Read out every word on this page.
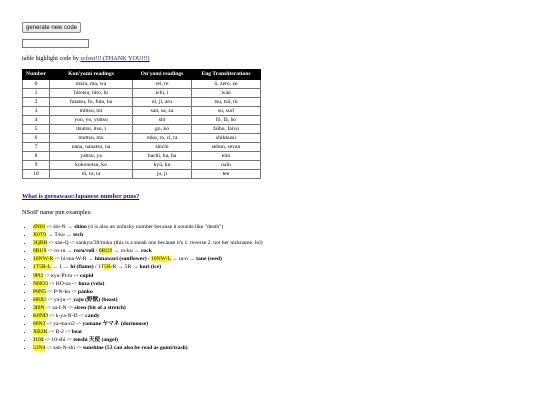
generate new code
table highlight code by ccfost!!! (THANK YOU!!!)
Number	Kun'yomi readings	On'yomi readings	Eng Transliterations
0	maru, ma, wa	rei, re	ō, zero, ze
1	hitotsu, hito, hi	ichi, i	wan
2	futatsu, fu, futa, ha	ni, ji, aru	tsu, tsū, tū
3	mittsu, mi	san, sa, za	su, surī
4	yon, yo, yottsu	shi	fō, fā, ho
5	itsutsu, itsu, i	go, ko	faību, faivu
6	muttsu, mu	roku, ro, ri, ra	shikkusu
7	nana, nanatsu, na	shichi	sebun, sevan
8	yattsu, ya	hachi, ha, ba	eito
9	kokonotsu, ko	kyū, ku	nain
10	tō, to, ta	ju, ji	ten
What is goroawase/Japanese number puns?
NSotF name pun examples:
• 4N01 -> shi-N → shino (4 is also an unlucky number because it sounds like "death")
• X0T9 → T-ku → tech
• 3QBB -> san-Q -> sankyu/39/miku (this is a sneak one because it's 1. reverse 2. not her nickname. lol)
• 6RU9 -> ro-ru → roru/roll / 6RU9 → ro-ku → rock
• 10NW-R -> hi-ma-W-R → himawari (sunflower) / 10NW-L → ta-n → tane (seed)
• 1T5R-L → 1 → hi (flame) / 1T5R-R → 5R → kori (ice)
• 9Pl2 -> kyu-Pl-tu -> cupid
• NHO3 -> HO-za -> hoza (vela)
• P8N5 -> P-N-ko -> panko
• H8JU -> ya-ju -> yaju (野獣) (beast)
• 3I0N -> sa-I-N -> siren (bit of a stretch)
• K8ND -> k-ya-N-D -> candy
• 80N3 -> ya-ma-n3 -> yamane ヤマネ (dormouse)
• XB2K -> B-2 -> beat
• J104 -> 10-shi -> tenshi 天使 (angel)
• 53N4 -> san-N-shi -> sunshine (53 can also be read as gomi/trash)
